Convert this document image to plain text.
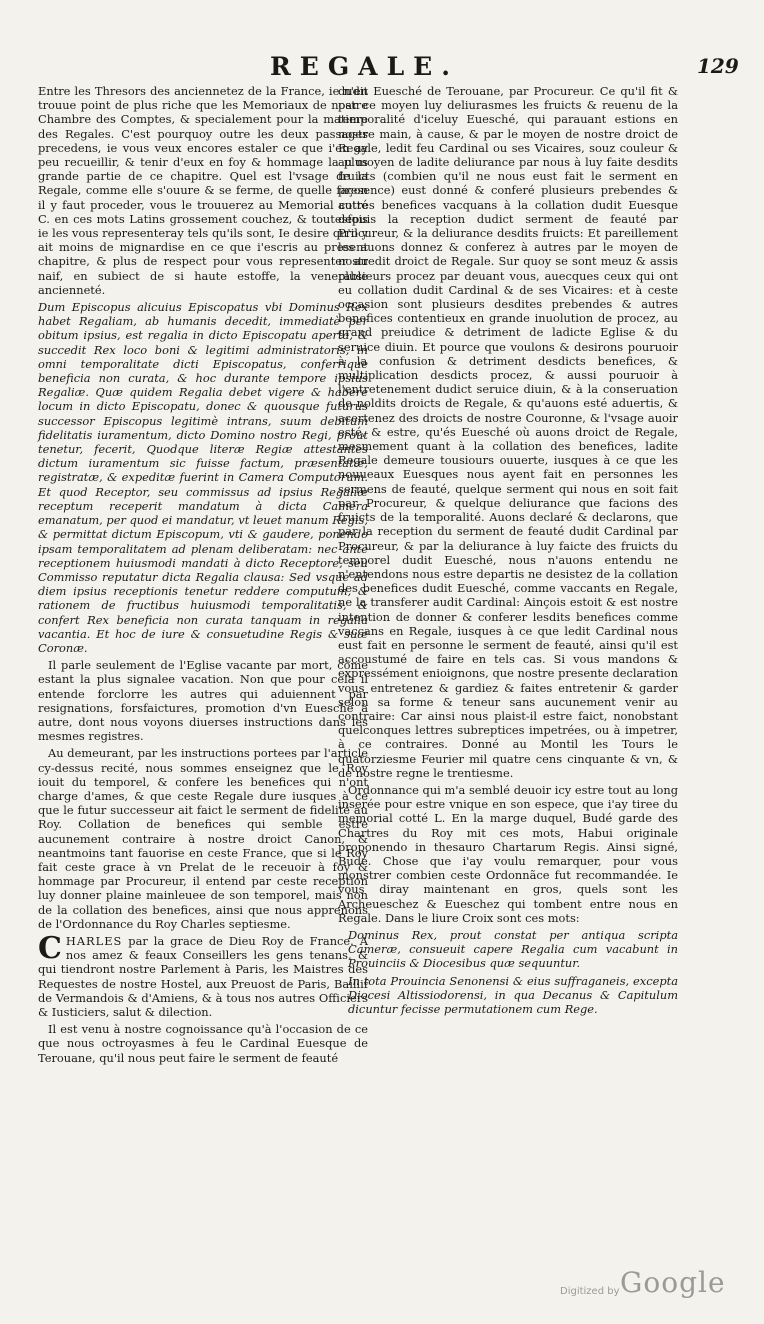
REGALE.	129

Entre les Thresors des anciennetez de la France, ie n'en trouue point de plus riche que les Memoriaux de nostre Chambre des Comptes, & specialement pour la matiere des Regales. C'est pourquoy outre les deux passages precedens, ie vous veux encores estaler ce que i'en ay peu recueillir, & tenir d'eux en foy & hommage la plus grande partie de ce chapitre. Quel est l'vsage de la Regale, comme elle s'ouure & se ferme, de quelle façon il y faut proceder, vous le trouuerez au Memorial cotté C. en ces mots Latins grossement couchez, & toutesfois ie les vous representeray tels qu'ils sont, Ie desire qu'il y ait moins de mignardise en ce que i'escris au present chapitre, & plus de respect pour vous representer au naif, en subiect de si haute estoffe, la venerable ancienneté.

Dum Episcopus alicuius Episcopatus vbi Dominus Rex habet Regaliam, ab humanis decedit, immediatè per obitum ipsius, est regalia in dicto Episcopatu aperta, & succedit Rex loco boni & legitimi administratoris, in omni temporalitate dicti Episcopatus, conferrique beneficia non curata, & hoc durante tempore ipsius Regaliæ. Quæ quidem Regalia debet vigere & habere locum in dicto Episcopatu, donec & quousque futurus successor Episcopus legitimè intrans, suum debitum fidelitatis iuramentum, dicto Domino nostro Regi, prout tenetur, fecerit, Quodque literæ Regiæ attestantes dictum iuramentum sic fuisse factum, præsentatæ, registratæ, & expeditæ fuerint in Camera Computorum. Et quod Receptor, seu commissus ad ipsius Regaliæ receptum receperit mandatum à dicta Camera emanatum, per quod ei mandatur, vt leuet manum Regis, & permittat dictum Episcopum, vti & gaudere, ponendo ipsam temporalitatem ad plenam deliberatam: nec ante receptionem huiusmodi mandati à dicto Receptore, seu Commisso reputatur dicta Regalia clausa: Sed vsque ad diem ipsius receptionis tenetur reddere computum, & rationem de fructibus huiusmodi temporalitatis, & confert Rex beneficia non curata tanquam in regalia vacantia. Et hoc de iure & consuetudine Regis & suæ Coronæ.

Il parle seulement de l'Eglise vacante par mort, cõme estant la plus signalee vacation. Non que pour cela il entende forclorre les autres qui aduiennent par resignations, forsfaictures, promotion d'vn Euesché à autre, dont nous voyons diuerses instructions dans les mesmes registres.

Au demeurant, par les instructions portees par l'article cy-dessus recité, nous sommes enseignez que le Roy iouit du temporel, & confere les benefices qui n'ont charge d'ames, & que ceste Regale dure iusques à ce que le futur successeur ait faict le serment de fidelité au Roy. Collation de benefices qui semble estre aucunement contraire à nostre droict Canon, & neantmoins tant fauorise en ceste France, que si le Roy fait ceste grace à vn Prelat de le receuoir à foy & hommage par Procureur, il entend par ceste reception luy donner plaine mainleuee de son temporel, mais non de la collation des benefices, ainsi que nous apprenons de l'Ordonnance du Roy Charles septiesme.

C HARLES par la grace de Dieu Roy de France. A nos amez & feaux Conseillers les gens tenans, & qui tiendront nostre Parlement à Paris, les Maistres des Requestes de nostre Hostel, aux Preuost de Paris, Baillif de Vermandois & d'Amiens, & à tous nos autres Officiers & Iusticiers, salut & dilection.

Il est venu à nostre cognoissance qu'à l'occasion de ce que nous octroyasmes à feu le Cardinal Euesque de Terouane, qu'il nous peut faire le serment de feauté

dudit Euesché de Terouane, par Procureur. Ce qu'il fit & par ce moyen luy deliurasmes les fruicts & reuenu de la temporalité d'iceluy Euesché, qui parauant estions en nostre main, à cause, & par le moyen de nostre droict de Regale, ledit feu Cardinal ou ses Vicaires, souz couleur & au moyen de ladite deliurance par nous à luy faite desdits fruicts (combien qu'il ne nous eust fait le serment en presence) eust donné & conferé plusieurs prebendes & autres benefices vacquans à la collation dudit Euesque depuis la reception dudict serment de feauté par Procureur, & la deliurance desdits fruicts: Et pareillement les auons donnez & conferez à autres par le moyen de nostredit droict de Regale. Sur quoy se sont meuz & assis plusieurs procez par deuant vous, auecques ceux qui ont eu collation dudit Cardinal & de ses Vicaires: et à ceste occasion sont plusieurs desdites prebendes & autres benefices contentieux en grande inuolution de procez, au grand preiudice & detriment de ladicte Eglise & du seruice diuin. Et pource que voulons & desirons pouruoir à la confusion & detriment desdicts benefices, & multiplication desdicts procez, & aussi pouruoir à l'entretenement dudict seruice diuin, & à la conseruation de noldits droicts de Regale, & qu'auons esté aduertis, & acertenez des droicts de nostre Couronne, & l'vsage auoir esté, & estre, qu'és Euesché où auons droict de Regale, mesmement quant à la collation des benefices, ladite Regale demeure tousiours ouuerte, iusques à ce que les nouueaux Euesques nous ayent fait en personnes les sermens de feauté, quelque serment qui nous en soit fait par Procureur, & quelque deliurance que facions des fruicts de la temporalité. Auons declaré & declarons, que par la reception du serment de feauté dudit Cardinal par Procureur, & par la deliurance à luy faicte des fruicts du temporel dudit Euesché, nous n'auons entendu ne n'entendons nous estre departis ne desistez de la collation des benefices dudit Euesché, comme vaccants en Regale, ne la transferer audit Cardinal: Ainçois estoit & est nostre intention de donner & conferer lesdits benefices comme vaccans en Regale, iusques à ce que ledit Cardinal nous eust fait en personne le serment de feauté, ainsi qu'il est accoustumé de faire en tels cas. Si vous mandons & expressément enioignons, que nostre presente declaration vous entretenez & gardiez & faites entretenir & garder selon sa forme & teneur sans aucunement venir au contraire: Car ainsi nous plaist-il estre faict, nonobstant quelconques lettres subreptices impetrées, ou à impetrer, à ce contraires. Donné au Montil les Tours le quatorziesme Feurier mil quatre cens cinquante & vn, & de nostre regne le trentiesme.

Ordonnance qui m'a semblé deuoir icy estre tout au long inserée pour estre vnique en son espece, que i'ay tiree du memorial cotté L. En la marge duquel, Budé garde des Chartres du Roy mit ces mots, Habui originale proponendo in thesauro Chartarum Regis. Ainsi signé, Budé. Chose que i'ay voulu remarquer, pour vous monstrer combien ceste Ordonnãce fut recommandée. Ie vous diray maintenant en gros, quels sont les Archeueschez & Eueschez qui tombent entre nous en Regale. Dans le liure Croix sont ces mots:

Dominus Rex, prout constat per antiqua scripta Cameræ, consueuit capere Regalia cum vacabunt in Prouinciis & Diocesibus quæ sequuntur.

In tota Prouincia Senonensi & eius suffraganeis, excepta Diocesi Altissiodorensi, in qua Decanus & Capitulum dicuntur fecisse permutationem cum Rege.

Digitized by Google
